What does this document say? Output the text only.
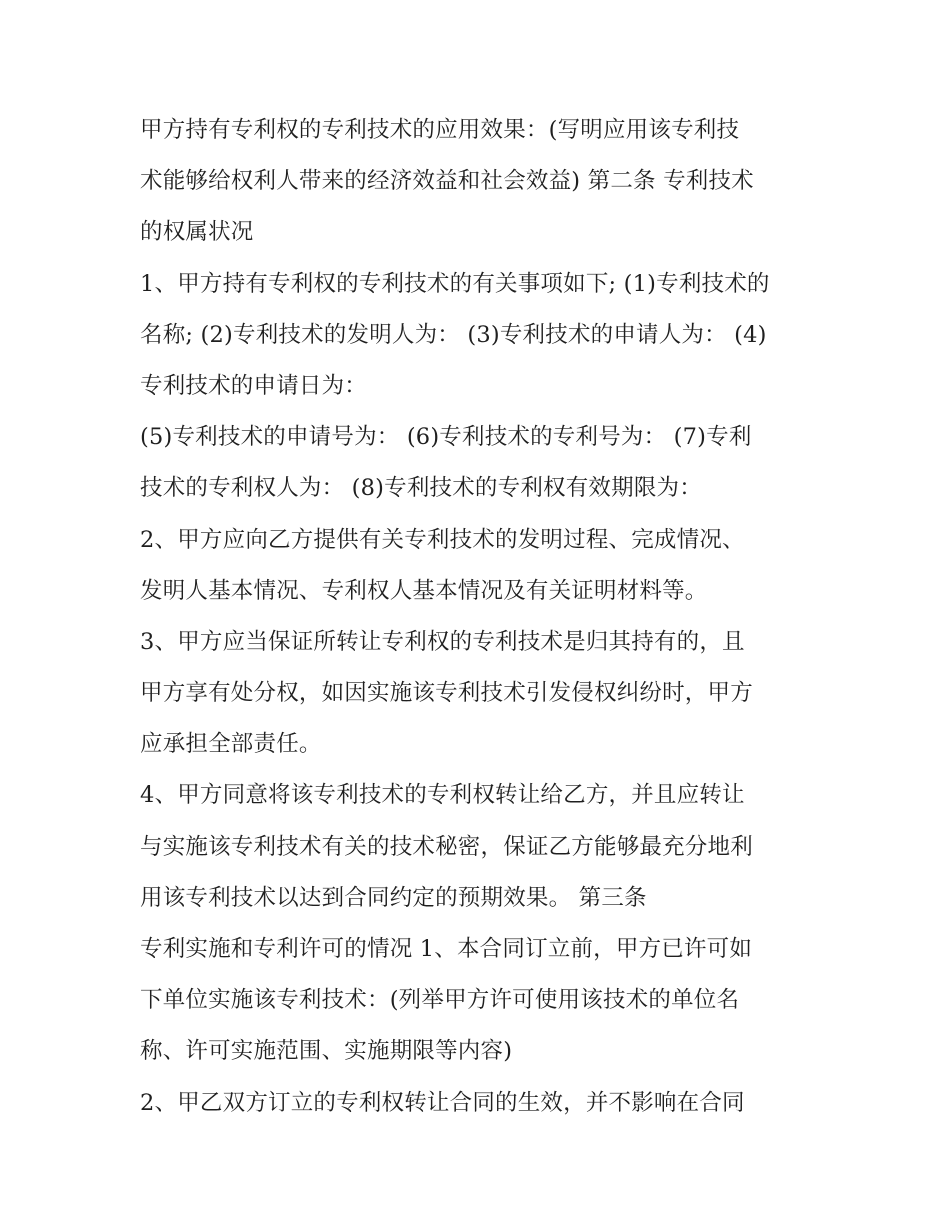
甲方持有专利权的专利技术的应用效果：(写明应用该专利技
术能够给权利人带来的经济效益和社会效益) 第二条 专利技术
的权属状况
1、甲方持有专利权的专利技术的有关事项如下; (1)专利技术的
名称; (2)专利技术的发明人为： (3)专利技术的申请人为： (4)
专利技术的申请日为：
(5)专利技术的申请号为： (6)专利技术的专利号为： (7)专利
技术的专利权人为： (8)专利技术的专利权有效期限为：
2、甲方应向乙方提供有关专利技术的发明过程、完成情况、
发明人基本情况、专利权人基本情况及有关证明材料等。
3、甲方应当保证所转让专利权的专利技术是归其持有的，且
甲方享有处分权，如因实施该专利技术引发侵权纠纷时，甲方
应承担全部责任。
4、甲方同意将该专利技术的专利权转让给乙方，并且应转让
与实施该专利技术有关的技术秘密，保证乙方能够最充分地利
用该专利技术以达到合同约定的预期效果。 第三条
专利实施和专利许可的情况 1、本合同订立前，甲方已许可如
下单位实施该专利技术：(列举甲方许可使用该技术的单位名
称、许可实施范围、实施期限等内容)
2、甲乙双方订立的专利权转让合同的生效，并不影响在合同
